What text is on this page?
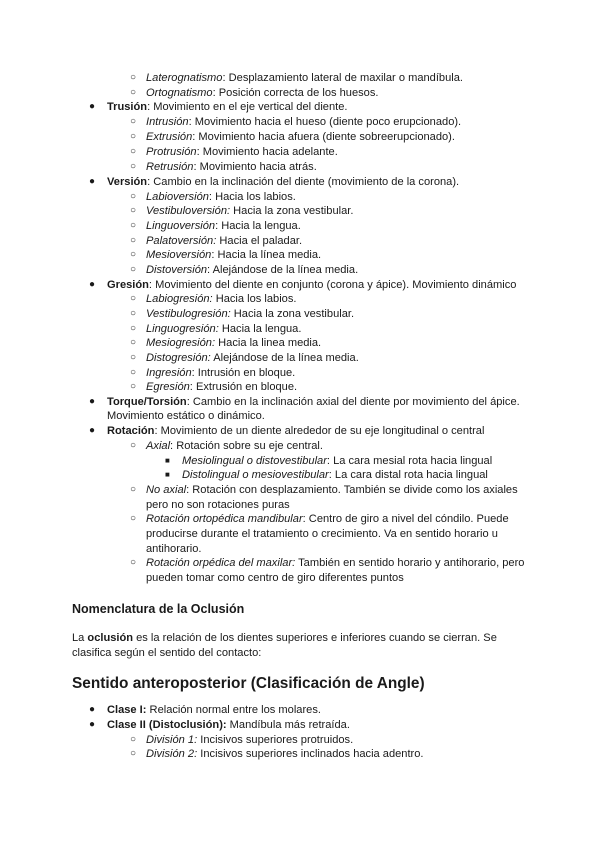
○ Laterognatismo: Desplazamiento lateral de maxilar o mandíbula.
○ Ortognatismo: Posición correcta de los huesos.
● Trusión: Movimiento en el eje vertical del diente.
○ Intrusión: Movimiento hacia el hueso (diente poco erupcionado).
○ Extrusión: Movimiento hacia afuera (diente sobreerupcionado).
○ Protrusión: Movimiento hacia adelante.
○ Retrusión: Movimiento hacia atrás.
● Versión: Cambio en la inclinación del diente (movimiento de la corona).
○ Labioversión: Hacia los labios.
○ Vestibuloversión: Hacia la zona vestibular.
○ Linguoversión: Hacia la lengua.
○ Palatoversión: Hacia el paladar.
○ Mesioversión: Hacia la línea media.
○ Distoversión: Alejándose de la línea media.
● Gresión: Movimiento del diente en conjunto (corona y ápice). Movimiento dinámico
○ Labiogresión: Hacia los labios.
○ Vestibulogresión: Hacia la zona vestibular.
○ Linguogresión: Hacia la lengua.
○ Mesiogresión: Hacia la linea media.
○ Distogresión: Alejándose de la línea media.
○ Ingresión: Intrusión en bloque.
○ Egresión: Extrusión en bloque.
● Torque/Torsión: Cambio en la inclinación axial del diente por movimiento del ápice.
Movimiento estático o dinámico.
● Rotación: Movimiento de un diente alrededor de su eje longitudinal o central
○ Axial: Rotación sobre su eje central.
■ Mesiolingual o distovestibular: La cara mesial rota hacia lingual
■ Distolingual o mesiovestibular: La cara distal rota hacia lingual
○ No axial: Rotación con desplazamiento. También se divide como los axiales
pero no son rotaciones puras
○ Rotación ortopédica mandibular: Centro de giro a nivel del cóndilo. Puede
producirse durante el tratamiento o crecimiento. Va en sentido horario u
antihorario.
○ Rotación orpédica del maxilar: También en sentido horario y antihorario, pero
pueden tomar como centro de giro diferentes puntos
Nomenclatura de la Oclusión
La oclusión es la relación de los dientes superiores e inferiores cuando se cierran. Se
clasifica según el sentido del contacto:
Sentido anteroposterior (Clasificación de Angle)
● Clase I: Relación normal entre los molares.
● Clase II (Distoclusión): Mandíbula más retraída.
○ División 1: Incisivos superiores protruidos.
○ División 2: Incisivos superiores inclinados hacia adentro.
